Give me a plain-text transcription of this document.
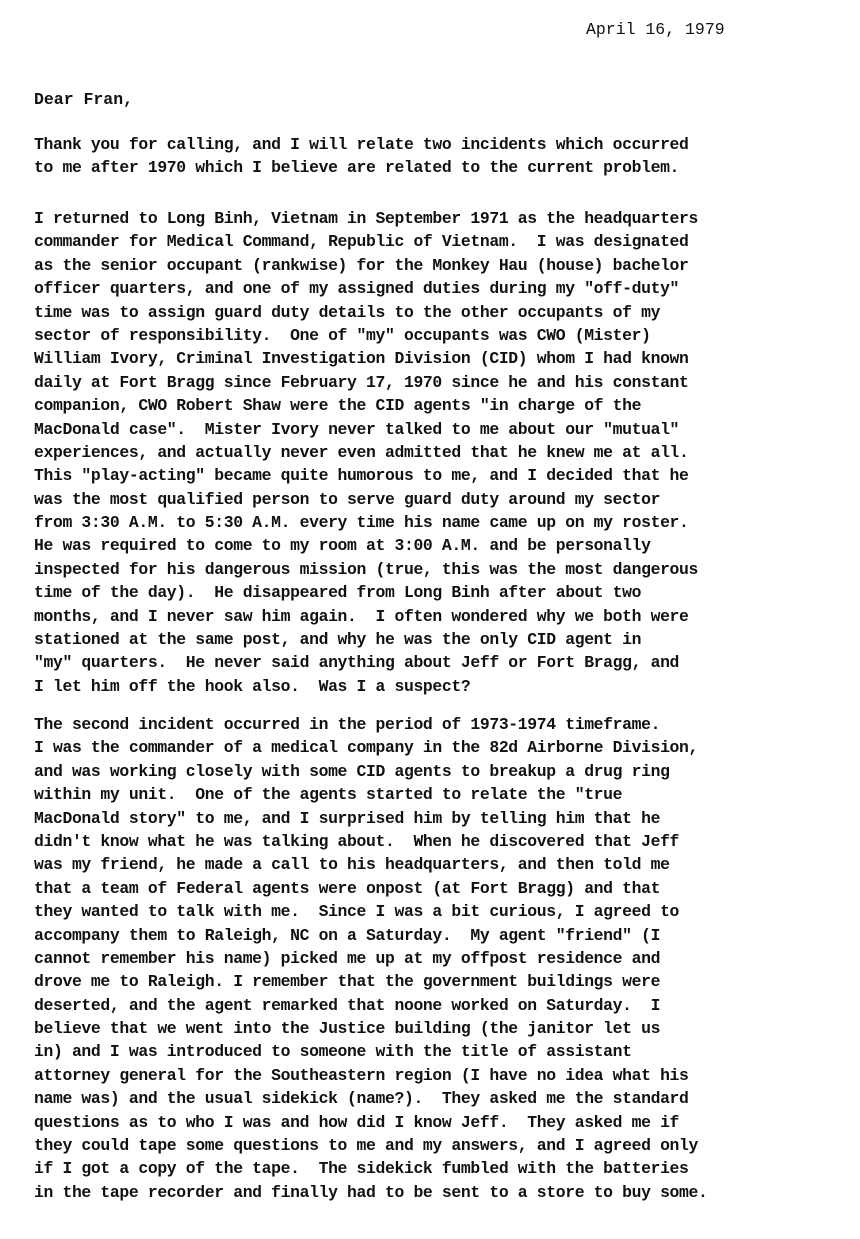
April 16, 1979
Dear Fran,
Thank you for calling, and I will relate two incidents which occurred
to me after 1970 which I believe are related to the current problem.
I returned to Long Binh, Vietnam in September 1971 as the headquarters
commander for Medical Command, Republic of Vietnam.  I was designated
as the senior occupant (rankwise) for the Monkey Hau (house) bachelor
officer quarters, and one of my assigned duties during my "off-duty"
time was to assign guard duty details to the other occupants of my
sector of responsibility.  One of "my" occupants was CWO (Mister)
William Ivory, Criminal Investigation Division (CID) whom I had known
daily at Fort Bragg since February 17, 1970 since he and his constant
companion, CWO Robert Shaw were the CID agents "in charge of the
MacDonald case".  Mister Ivory never talked to me about our "mutual"
experiences, and actually never even admitted that he knew me at all.
This "play-acting" became quite humorous to me, and I decided that he
was the most qualified person to serve guard duty around my sector
from 3:30 A.M. to 5:30 A.M. every time his name came up on my roster.
He was required to come to my room at 3:00 A.M. and be personally
inspected for his dangerous mission (true, this was the most dangerous
time of the day).  He disappeared from Long Binh after about two
months, and I never saw him again.  I often wondered why we both were
stationed at the same post, and why he was the only CID agent in
"my" quarters.  He never said anything about Jeff or Fort Bragg, and
I let him off the hook also.  Was I a suspect?
The second incident occurred in the period of 1973-1974 timeframe.
I was the commander of a medical company in the 82d Airborne Division,
and was working closely with some CID agents to breakup a drug ring
within my unit.  One of the agents started to relate the "true
MacDonald story" to me, and I surprised him by telling him that he
didn't know what he was talking about.  When he discovered that Jeff
was my friend, he made a call to his headquarters, and then told me
that a team of Federal agents were onpost (at Fort Bragg) and that
they wanted to talk with me.  Since I was a bit curious, I agreed to
accompany them to Raleigh, NC on a Saturday.  My agent "friend" (I
cannot remember his name) picked me up at my offpost residence and
drove me to Raleigh. I remember that the government buildings were
deserted, and the agent remarked that noone worked on Saturday.  I
believe that we went into the Justice building (the janitor let us
in) and I was introduced to someone with the title of assistant
attorney general for the Southeastern region (I have no idea what his
name was) and the usual sidekick (name?).  They asked me the standard
questions as to who I was and how did I know Jeff.  They asked me if
they could tape some questions to me and my answers, and I agreed only
if I got a copy of the tape.  The sidekick fumbled with the batteries
in the tape recorder and finally had to be sent to a store to buy some.
